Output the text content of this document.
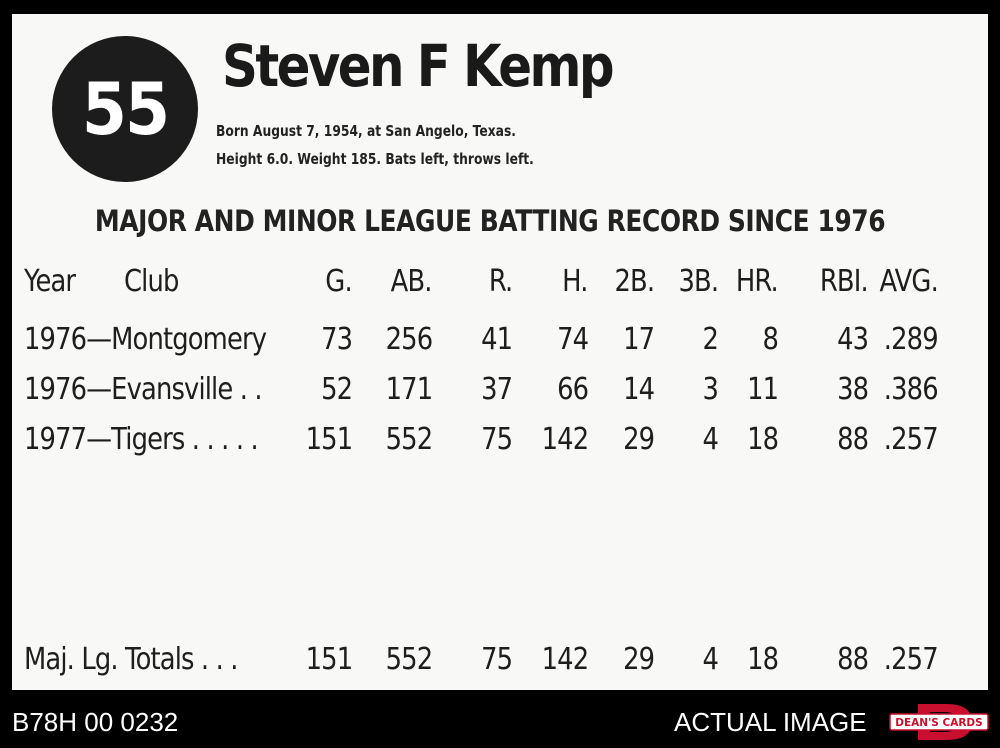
55
Steven F Kemp
Born August 7, 1954, at San Angelo, Texas.
Height 6.0. Weight 185. Bats left, throws left.
MAJOR AND MINOR LEAGUE BATTING RECORD SINCE 1976
Year Club	G. AB. R. H. 2B. 3B. HR. RBI. AVG.
1976—Montgomery 73 256 41 74 17 2 8 43 .289
1976—Evansville . . 52 171 37 66 14 3 11 38 .386
1977—Tigers . . . . . 151 552 75 142 29 4 18 88 .257
Maj. Lg. Totals . . . 151 552 75 142 29 4 18 88 .257
B78H 00 0232	ACTUAL IMAGE	DEAN'S CARDS
